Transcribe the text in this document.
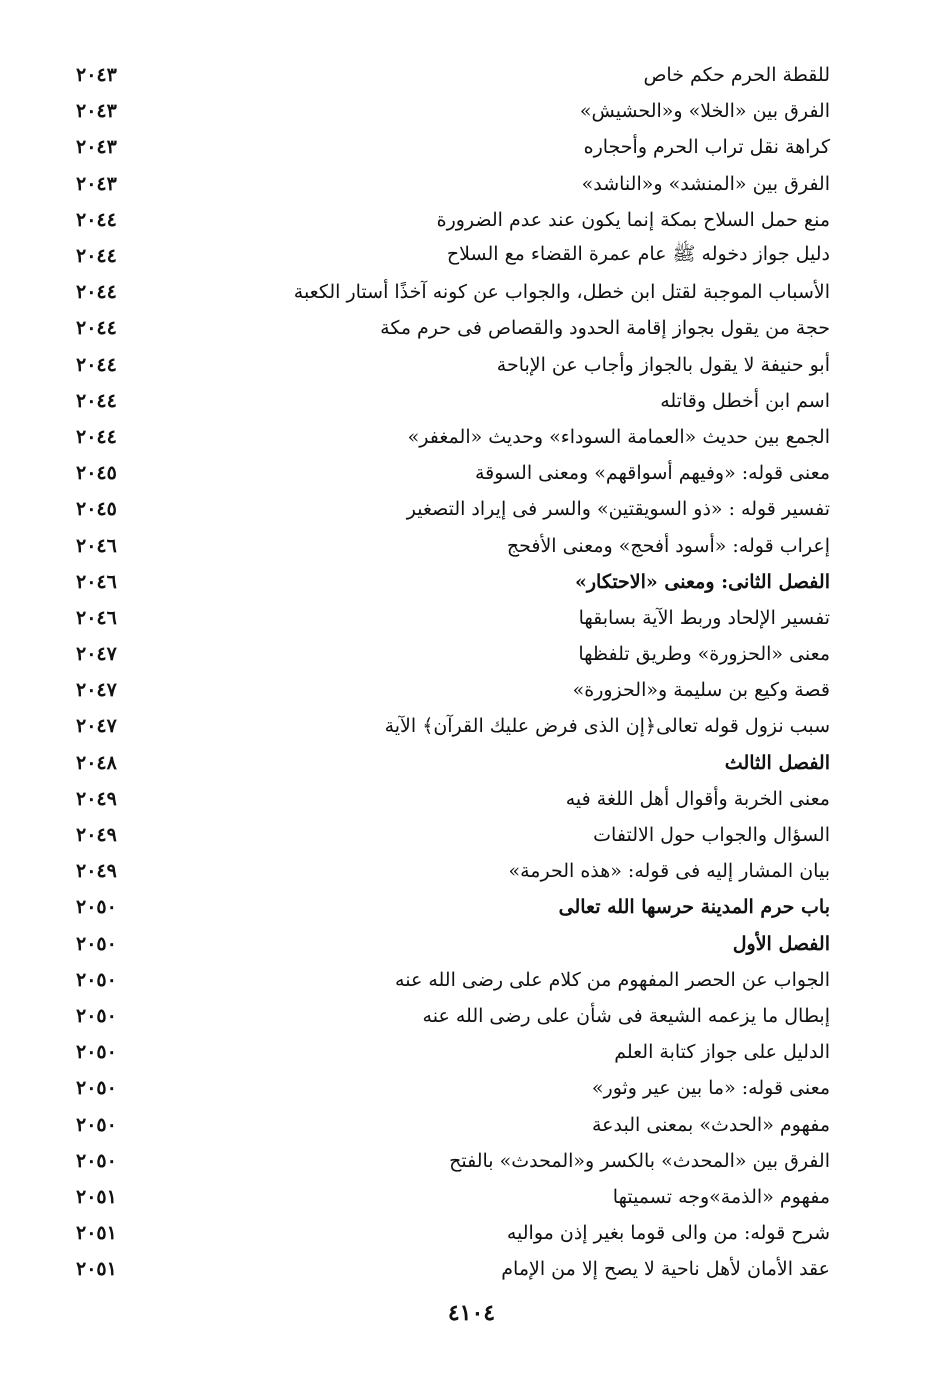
للقطة الحرم حكم خاص
٢٠٤٣
الفرق بين «الخلا» و«الحشيش»
٢٠٤٣
كراهة نقل تراب الحرم وأحجاره
٢٠٤٣
الفرق بين «المنشد» و«الناشد»
٢٠٤٣
منع حمل السلاح بمكة إنما يكون عند عدم الضرورة
٢٠٤٤
دليل جواز دخوله ﷺ عام عمرة القضاء مع السلاح
٢٠٤٤
الأسباب الموجبة لقتل ابن خطل، والجواب عن كونه آخذًا أستار الكعبة
٢٠٤٤
حجة من يقول بجواز إقامة الحدود والقصاص فى حرم مكة
٢٠٤٤
أبو حنيفة لا يقول بالجواز وأجاب عن الإباحة
٢٠٤٤
اسم ابن أخطل وقاتله
٢٠٤٤
الجمع بين حديث «العمامة السوداء» وحديث «المغفر»
٢٠٤٤
معنى قوله: «وفيهم أسواقهم» ومعنى السوقة
٢٠٤٥
تفسير قوله : «ذو السويقتين» والسر فى إيراد التصغير
٢٠٤٥
إعراب قوله: «أسود أفحج» ومعنى الأفحج
٢٠٤٦
الفصل الثانى: ومعنى «الاحتكار»
٢٠٤٦
تفسير الإلحاد وربط الآية بسابقها
٢٠٤٦
معنى «الحزورة» وطريق تلفظها
٢٠٤٧
قصة وكيع بن سليمة و«الحزورة»
٢٠٤٧
سبب نزول قوله تعالى﴿إن الذى فرض عليك القرآن﴾ الآية
٢٠٤٧
الفصل الثالث
٢٠٤٨
معنى الخربة وأقوال أهل اللغة فيه
٢٠٤٩
السؤال والجواب حول الالتفات
٢٠٤٩
بيان المشار إليه فى قوله: «هذه الحرمة»
٢٠٤٩
باب حرم المدينة حرسها الله تعالى
٢٠٥٠
الفصل الأول
٢٠٥٠
الجواب عن الحصر المفهوم من كلام على رضى الله عنه
٢٠٥٠
إبطال ما يزعمه الشيعة فى شأن على رضى الله عنه
٢٠٥٠
الدليل على جواز كتابة العلم
٢٠٥٠
معنى قوله: «ما بين عير وثور»
٢٠٥٠
مفهوم «الحدث» بمعنى البدعة
٢٠٥٠
الفرق بين «المحدث» بالكسر و«المحدث» بالفتح
٢٠٥٠
مفهوم «الذمة»وجه تسميتها
٢٠٥١
شرح قوله: من والى قوما بغير إذن مواليه
٢٠٥١
عقد الأمان لأهل ناحية لا يصح إلا من الإمام
٢٠٥١
٤١٠٤
